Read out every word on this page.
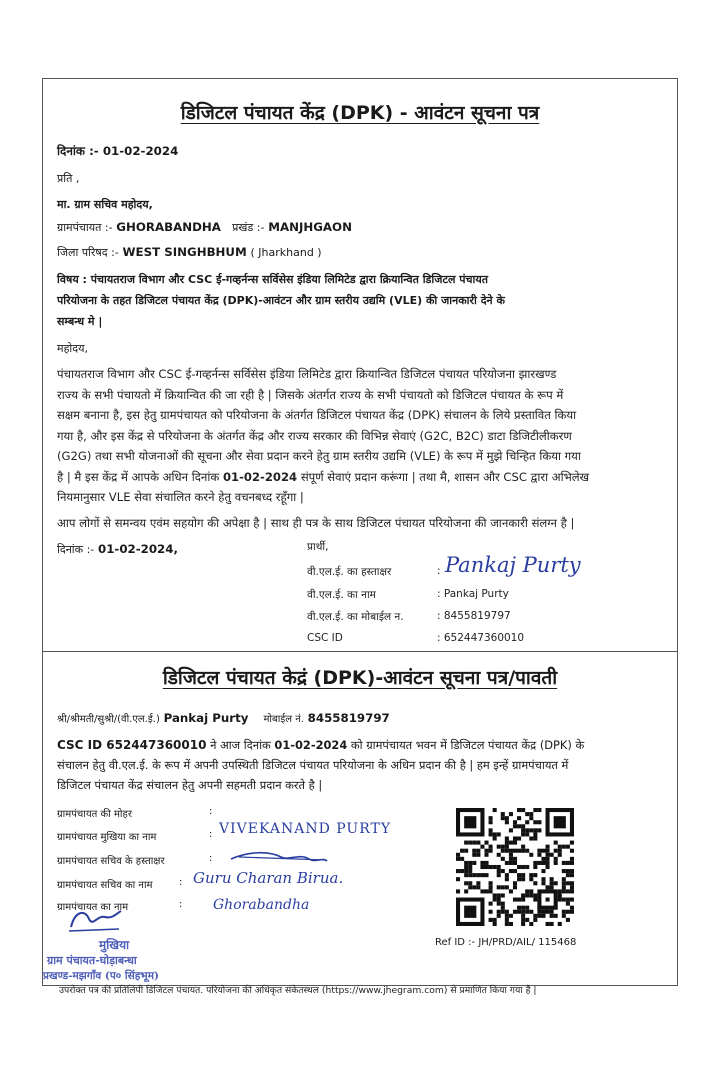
डिजिटल पंचायत केंद्र (DPK) - आवंटन सूचना पत्र
दिनांक :- 01-02-2024
प्रति ,
मा. ग्राम सचिव महोदय,
ग्रामपंचायत :- GHORABANDHA प्रखंड :- MANJHGAON
जिला परिषद :- WEST SINGHBHUM ( Jharkhand )
विषय : पंचायतराज विभाग और CSC ई-गव्हर्नन्स सर्विसेस इंडिया लिमिटेड द्वारा क्रियान्वित डिजिटल पंचायत
परियोजना के तहत डिजिटल पंचायत केंद्र (DPK)-आवंटन और ग्राम स्तरीय उद्यमि (VLE) की जानकारी देने के
सम्बन्ध मे |
महोदय,
पंचायतराज विभाग और CSC ई-गव्हर्नन्स सर्विसेस इंडिया लिमिटेड द्वारा क्रियान्वित डिजिटल पंचायत परियोजना झारखण्ड
राज्य के सभी पंचायतो में क्रियान्वित की जा रही है | जिसके अंतर्गत राज्य के सभी पंचायतो को डिजिटल पंचायत के रूप में
सक्षम बनाना है, इस हेतु ग्रामपंचायत को परियोजना के अंतर्गत डिजिटल पंचायत केंद्र (DPK) संचालन के लिये प्रस्तावित किया
गया है, और इस केंद्र से परियोजना के अंतर्गत केंद्र और राज्य सरकार की विभिन्न सेवाएं (G2C, B2C) डाटा डिजिटीलीकरण
(G2G) तथा सभी योजनाओं की सूचना और सेवा प्रदान करने हेतु ग्राम स्तरीय उद्यमि (VLE) के रूप में मुझे चिन्हित किया गया
है | मै इस केंद्र में आपके अधिन दिनांक 01-02-2024 संपूर्ण सेवाएं प्रदान करूंगा | तथा मै, शासन और CSC द्वारा अभिलेख
नियमानुसार VLE सेवा संचालित करने हेतु वचनबध्द रहूँगा |
आप लोगों से समन्वय एवंम सहयोग की अपेक्षा है | साथ ही पत्र के साथ डिजिटल पंचायत परियोजना की जानकारी संलग्न है |
दिनांक :- 01-02-2024,	प्रार्थी,
वी.एल.ई. का हस्ताक्षर	: Pankaj Purty
वी.एल.ई. का नाम	: Pankaj Purty
वी.एल.ई. का मोबाईल न.	: 8455819797
CSC ID	: 652447360010
डिजिटल पंचायत केद्रं (DPK)-आवंटन सूचना पत्र/पावती
श्री/श्रीमती/सुश्री/(वी.एल.ई.) Pankaj Purty मोबाईल नं. 8455819797
CSC ID 652447360010 ने आज दिनांक 01-02-2024 को ग्रामपंचायत भवन में डिजिटल पंचायत केंद्र (DPK) के
संचालन हेतु वी.एल.ई. के रूप में अपनी उपस्थिती डिजिटल पंचायत परियोजना के अधिन प्रदान की है | हम इन्हें ग्रामपंचायत में
डिजिटल पंचायत केंद्र संचालन हेतु अपनी सहमती प्रदान करते है |
ग्रामपंचायत की मोहर	:
ग्रामपंचायत मुखिया का नाम	: VIVEKANAND PURTY
ग्रामपंचायत सचिव के हस्ताक्षर	:
ग्रामपंचायत सचिव का नाम	: Guru Charan Birua.
ग्रामपंचायत का नाम	: Ghorabandha
Ref ID :- JH/PRD/AIL/ 115468
मुखिया
ग्राम पंचायत-घोड़ाबन्धा
प्रखण्ड-मझगाँव (प० सिंहभूम)
उपरोक्त पत्र की प्रतिलिपी डिजिटल पंचायत. परियोजना की अधिकृत संकेतस्थल (https://www.jhegram.com) से प्रमाणित किया गया है |
